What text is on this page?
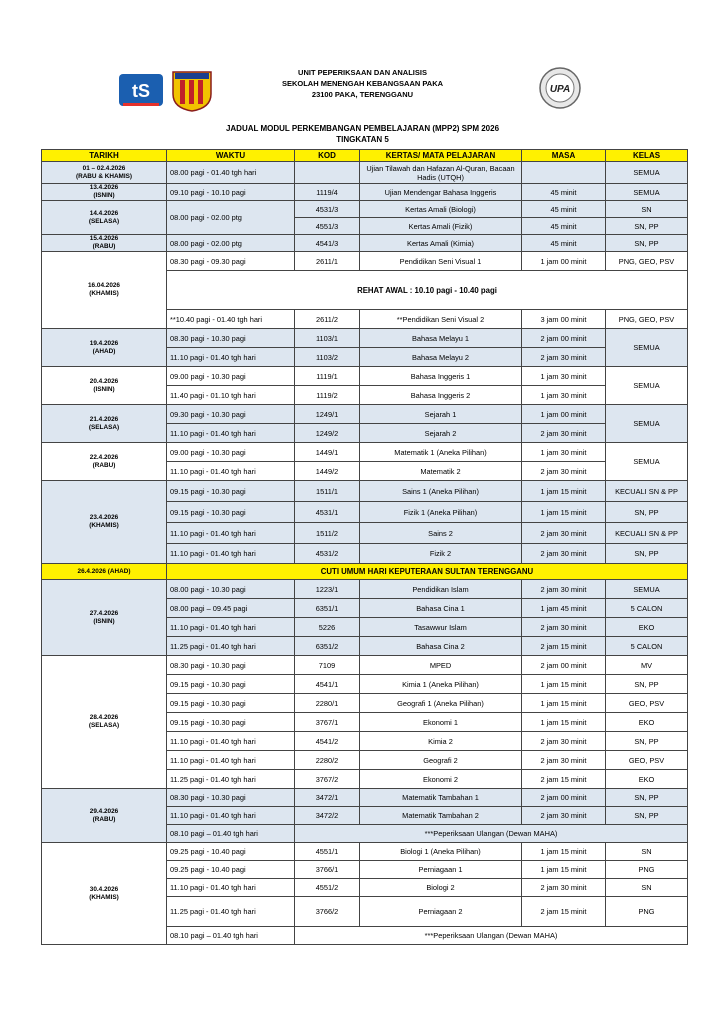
tS
UNIT PEPERIKSAAN DAN ANALISIS
SEKOLAH MENENGAH KEBANGSAAN PAKA
23100 PAKA, TERENGGANU	UPA
JADUAL MODUL PERKEMBANGAN PEMBELAJARAN (MPP2) SPM 2026
TINGKATAN 5
TARIKH	WAKTU	KOD	KERTAS/ MATA PELAJARAN	MASA	KELAS

01 – 02.4.2026
(RABU & KHAMIS)	08.00 pagi - 01.40 tgh hari		Ujian Tilawah dan Hafazan Al-Quran, Bacaan Hadis (UTQH)		SEMUA

13.4.2026
(ISNIN)	09.10 pagi - 10.10 pagi	1119/4	Ujian Mendengar Bahasa Inggeris	45 minit	SEMUA

14.4.2026
(SELASA)	08.00 pagi - 02.00 ptg	4531/3	Kertas Amali (Biologi)	45 minit	SN
		4551/3	Kertas Amali (Fizik)	45 minit	SN, PP

15.4.2026
(RABU)	08.00 pagi - 02.00 ptg	4541/3	Kertas Amali (Kimia)	45 minit	SN, PP

16.04.2026
(KHAMIS)	08.30 pagi - 09.30 pagi	2611/1	Pendidikan Seni Visual 1	1 jam 00 minit	PNG, GEO, PSV
	REHAT AWAL : 10.10 pagi - 10.40 pagi				
	**10.40 pagi - 01.40 tgh hari	2611/2	**Pendidikan Seni Visual 2	3 jam 00 minit	PNG, GEO, PSV

19.4.2026
(AHAD)	08.30 pagi - 10.30 pagi	1103/1	Bahasa Melayu 1	2 jam 00 minit	SEMUA
	11.10 pagi - 01.40 tgh hari	1103/2	Bahasa Melayu 2	2 jam 30 minit	

20.4.2026
(ISNIN)	09.00 pagi - 10.30 pagi	1119/1	Bahasa Inggeris 1	1 jam 30 minit	SEMUA
	11.40 pagi - 01.10 tgh hari	1119/2	Bahasa Inggeris 2	1 jam 30 minit	

21.4.2026
(SELASA)	09.30 pagi - 10.30 pagi	1249/1	Sejarah 1	1 jam 00 minit	SEMUA
	11.10 pagi - 01.40 tgh hari	1249/2	Sejarah 2	2 jam 30 minit	

22.4.2026
(RABU)	09.00 pagi - 10.30 pagi	1449/1	Matematik 1 (Aneka Pilihan)	1 jam 30 minit	SEMUA
	11.10 pagi - 01.40 tgh hari	1449/2	Matematik 2	2 jam 30 minit	

23.4.2026
(KHAMIS)	09.15 pagi - 10.30 pagi	1511/1	Sains 1 (Aneka Pilihan)	1 jam 15 minit	KECUALI SN & PP
	09.15 pagi - 10.30 pagi	4531/1	Fizik 1 (Aneka Pilihan)	1 jam 15 minit	SN, PP
	11.10 pagi - 01.40 tgh hari	1511/2	Sains 2	2 jam 30 minit	KECUALI SN & PP
	11.10 pagi - 01.40 tgh hari	4531/2	Fizik 2	2 jam 30 minit	SN, PP

26.4.2026 (AHAD)	CUTI UMUM HARI KEPUTERAAN SULTAN TERENGGANU				

27.4.2026
(ISNIN)	08.00 pagi - 10.30 pagi	1223/1	Pendidikan Islam	2 jam 30 minit	SEMUA
	08.00 pagi – 09.45 pagi	6351/1	Bahasa Cina 1	1 jam 45 minit	5 CALON
	11.10 pagi - 01.40 tgh hari	5226	Tasawwur Islam	2 jam 30 minit	EKO
	11.25 pagi - 01.40 tgh hari	6351/2	Bahasa Cina 2	2 jam 15 minit	5 CALON

28.4.2026
(SELASA)	08.30 pagi - 10.30 pagi	7109	MPED	2 jam 00 minit	MV
	09.15 pagi - 10.30 pagi	4541/1	Kimia 1 (Aneka Pilihan)	1 jam 15 minit	SN, PP
	09.15 pagi - 10.30 pagi	2280/1	Geografi 1 (Aneka Pilihan)	1 jam 15 minit	GEO, PSV
	09.15 pagi - 10.30 pagi	3767/1	Ekonomi 1	1 jam 15 minit	EKO
	11.10 pagi - 01.40 tgh hari	4541/2	Kimia 2	2 jam 30 minit	SN, PP
	11.10 pagi - 01.40 tgh hari	2280/2	Geografi 2	2 jam 30 minit	GEO, PSV
	11.25 pagi - 01.40 tgh hari	3767/2	Ekonomi 2	2 jam 15 minit	EKO

29.4.2026
(RABU)	08.30 pagi - 10.30 pagi	3472/1	Matematik Tambahan 1	2 jam 00 minit	SN, PP
	11.10 pagi - 01.40 tgh hari	3472/2	Matematik Tambahan 2	2 jam 30 minit	SN, PP
	08.10 pagi – 01.40 tgh hari	***Peperiksaan Ulangan (Dewan MAHA)			

30.4.2026
(KHAMIS)	09.25 pagi - 10.40 pagi	4551/1	Biologi 1 (Aneka Pilihan)	1 jam 15 minit	SN
	09.25 pagi - 10.40 pagi	3766/1	Perniagaan 1	1 jam 15 minit	PNG
	11.10 pagi - 01.40 tgh hari	4551/2	Biologi 2	2 jam 30 minit	SN
	11.25 pagi - 01.40 tgh hari	3766/2	Perniagaan 2	2 jam 15 minit	PNG
	08.10 pagi – 01.40 tgh hari	***Peperiksaan Ulangan (Dewan MAHA)			
